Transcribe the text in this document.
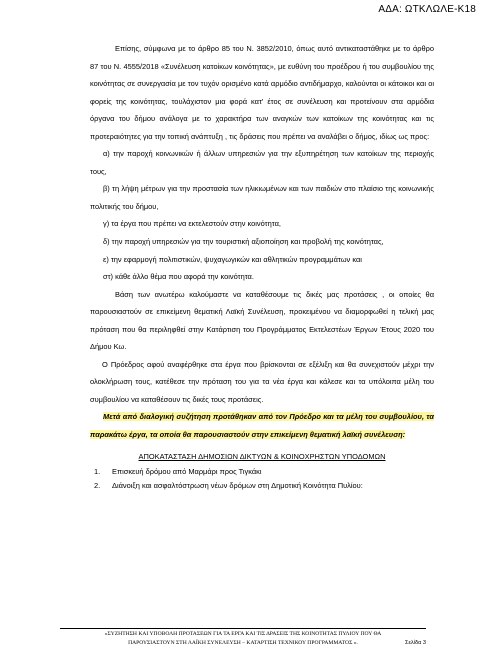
ΑΔΑ: ΩΤΚΛΩΛΕ-Κ18

Επίσης, σύμφωνα με το άρθρο 85 του Ν. 3852/2010, όπως αυτό αντικαταστάθηκε με το άρθρο 87 του Ν. 4555/2018 «Συνέλευση κατοίκων κοινότητας», με ευθύνη του προέδρου ή του συμβουλίου της κοινότητας σε συνεργασία με τον τυχόν ορισμένο κατά αρμόδιο αντιδήμαρχο, καλούνται οι κάτοικοι και οι φορείς της κοινότητας, τουλάχιστον μια φορά κατ' έτος σε συνέλευση και προτείνουν στα αρμόδια όργανα του δήμου ανάλογα με το χαρακτήρα των αναγκών των κατοίκων της κοινότητας και τις προτεραιότητες για την τοπική ανάπτυξη , τις δράσεις που πρέπει να αναλάβει ο δήμος, ιδίως ως προς:

α) την παροχή κοινωνικών ή άλλων υπηρεσιών για την εξυπηρέτηση των κατοίκων της περιοχής τους,

β) τη λήψη μέτρων για την προστασία των ηλικιωμένων και των παιδιών στο πλαίσιο της κοινωνικής πολιτικής του δήμου,

γ) τα έργα που πρέπει να εκτελεστούν στην κοινότητα,

δ) την παροχή υπηρεσιών για την τουριστική αξιοποίηση και προβολή της κοινότητας,

ε) την εφαρμογή πολιτιστικών, ψυχαγωγικών και αθλητικών προγραμμάτων και

στ) κάθε άλλο θέμα που αφορά την κοινότητα.

Βάση των ανωτέρω καλούμαστε να καταθέσουμε τις δικές μας προτάσεις , οι οποίες θα παρουσιαστούν σε επικείμενη θεματική Λαϊκή Συνέλευση, προκειμένου να διαμορφωθεί η τελική μας πρόταση που θα περιληφθεί στην Κατάρτιση του Προγράμματος Εκτελεστέων Έργων Έτους 2020 του Δήμου Κω.

Ο Πρόεδρος αφού αναφέρθηκε στα έργα που βρίσκονται σε εξέλιξη και θα συνεχιστούν μέχρι την ολοκλήρωση τους, κατέθεσε την πρόταση του για τα νέα έργα και κάλεσε και τα υπόλοιπα μέλη του συμβουλίου να καταθέσουν τις δικές τους προτάσεις.

Μετά από διαλογική συζήτηση προτάθηκαν από τον Πρόεδρο και τα μέλη του συμβουλίου, τα παρακάτω έργα, τα οποία θα παρουσιαστούν στην επικείμενη θεματική λαϊκή συνέλευση:

ΑΠΟΚΑΤΑΣΤΑΣΗ ΔΗΜΟΣΙΩΝ ΔΙΚΤΥΩΝ & ΚΟΙΝΟΧΡΗΣΤΩΝ ΥΠΟΔΟΜΩΝ

1. Επισκευή δρόμου από Μαρμάρι προς Τιγκάκι
2. Διάνοιξη και ασφαλτόστρωση νέων δρόμων στη Δημοτική Κοινότητα Πυλίου:
«ΣΥΖΗΤΗΣΗ ΚΑΙ ΥΠΟΒΟΛΗ ΠΡΟΤΑΣΕΩΝ ΓΙΑ ΤΑ ΕΡΓΑ ΚΑΙ ΤΙΣ ΔΡΑΣΕΙΣ ΤΗΣ ΚΟΙΝΟΤΗΤΑΣ ΠΥΛΙΟΥ ΠΟΥ ΘΑ
ΠΑΡΟΥΣΙΑΣΤΟΥΝ ΣΤΗ ΛΑΪΚΗ ΣΥΝΕΛΕΥΣΗ – ΚΑΤΑΡΤΙΣΗ ΤΕΧΝΙΚΟΥ ΠΡΟΓΡΑΜΜΑΤΟΣ ».	Σελίδα 3
